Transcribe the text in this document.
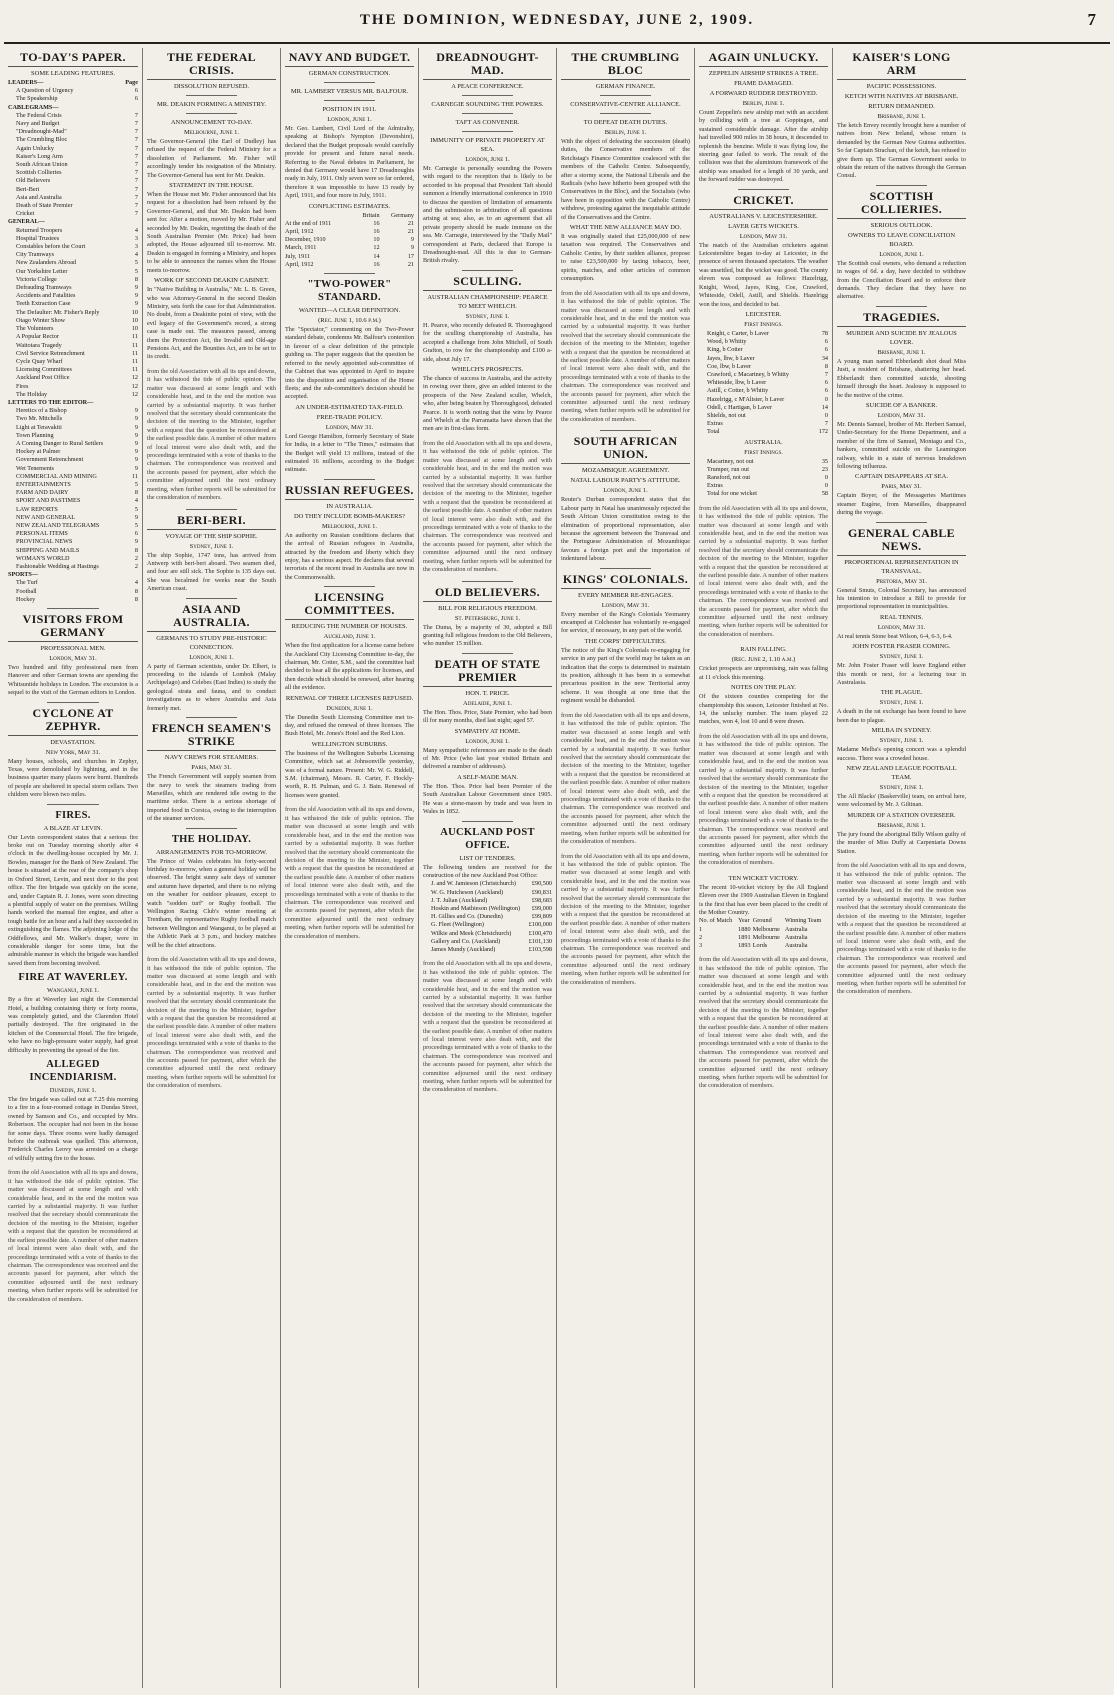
THE DOMINION, WEDNESDAY, JUNE 2, 1909.	7
TO-DAY'S PAPER.
SOME LEADING FEATURES.
LEADERS—	Page
A Question of Urgency	6
The Speakership	6
CABLEGRAMS—
The Federal Crisis	7
Navy and Budget	7
"Dreadnought-Mad"	7
The Crumbling Bloc	7
Again Unlucky	7
Kaiser's Long Arm	7
South African Union	7
Scottish Collieries	7
Old Believers	7
Beri-Beri	7
Asia and Australia	7
Death of State Premier	7
Cricket	7
GENERAL—
Returned Troopers	4
Hospital Trustees	3
Constables before the Court	3
City Tramways	4
New Zealanders Abroad	5
Our Yorkshire Letter	5
Victoria College	8
Defrauding Tramways	9
Accidents and Fatalities	9
Teeth Extraction Case	9
The Defaulter: Mr. Fisher's Reply	10
Otago Winter Show	10
The Volunteers	10
A Popular Rector	11
Waitotara Tragedy	11
Civil Service Retrenchment	11
Cycle Quay Wharf	11
Licensing Committees	11
Auckland Post Office	12
Fires	12
The Holiday	12
LETTERS TO THE EDITOR—
Heretics of a Bishop	9
Two Mr. Mitchells	9
Light at Teravakiti	9
Town Planning	9
A Coming Danger to Rural Settlers	9
Hockey at Palmer	9
Government Retrenchment	9
Wet Tenements	9
COMMERCIAL AND MINING	11
ENTERTAINMENTS	5
FARM AND DAIRY	8
SPORT AND PASTIMES	4
LAW REPORTS	5
NEW AND GENERAL	9
NEW ZEALAND TELEGRAMS	5
PERSONAL ITEMS	6
PROVINCIAL NEWS	9
SHIPPING AND MAILS	8
WOMAN'S WORLD	2
Fashionable Wedding at Hastings	2
SPORTS—
The Turf	4
Football	8
Hockey	8
VISITORS FROM GERMANY
PROFESSIONAL MEN.
London, May 31.

Two hundred and fifty professional men from Hanover and other German towns are spending the Whitsuntide holidays in London. The excursion is a sequel to the visit of the German editors to London.

CYCLONE AT ZEPHYR.
DEVASTATION.
New York, May 31.

Many houses, schools, and churches in Zephyr, Texas, were demolished by lightning, and in the business quarter many places were burnt. Hundreds of people are sheltered in special storm cellars. Two children were blown two miles.

FIRES.
A BLAZE AT LEVIN.

Our Levin correspondent states that a serious fire broke out on Tuesday morning shortly after 4 o'clock in the dwelling-house occupied by Mr. J. Bowles, manager for the Bank of New Zealand. The house is situated at the rear of the company's shop in Oxford Street, Levin, and next door to the post office. The fire brigade was quickly on the scene, and, under Captain R. J. Jones, were soon directing a plentiful supply of water on the premises. Willing hands worked the manual fire engine, and after a tough battle for an hour and a half they succeeded in extinguishing the flames. The adjoining lodge of the Oddfellows, and Mr. Walker's draper, were in considerable danger for some time, but the admirable manner in which the brigade was handled saved them from becoming involved.

FIRE AT WAVERLEY.
Wanganui, June 1.

By a fire at Waverley last night the Commercial Hotel, a building containing thirty or forty rooms, was completely gutted, and the Clarendon Hotel partially destroyed. The fire originated in the kitchen of the Commercial Hotel. The fire brigade, who have no high-pressure water supply, had great difficulty in preventing the spread of the fire.

ALLEGED INCENDIARISM.
Dunedin, June 1.

The fire brigade was called out at 7.25 this morning to a fire in a four-roomed cottage in Dundas Street, owned by Samson and Co., and occupied by Mrs. Robertson. The occupier had not been in the house for some days. Three rooms were badly damaged before the outbreak was quelled. This afternoon, Frederick Charles Leovy was arrested on a charge of wilfully setting fire to the house.

from the old Association with all its ups and downs, it has withstood the tide of public opinion. The matter was discussed at some length and with considerable heat, and in the end the motion was carried by a substantial majority. It was further resolved that the secretary should communicate the decision of the meeting to the Minister, together with a request that the question be reconsidered at the earliest possible date. A number of other matters of local interest were also dealt with, and the proceedings terminated with a vote of thanks to the chairman. The correspondence was received and the accounts passed for payment, after which the committee adjourned until the next ordinary meeting, when further reports will be submitted for the consideration of members.

THE FEDERAL CRISIS.
DISSOLUTION REFUSED.
MR. DEAKIN FORMING A MINISTRY.
ANNOUNCEMENT TO-DAY.
Melbourne, June 1.

The Governor-General (the Earl of Dudley) has refused the request of the Federal Ministry for a dissolution of Parliament. Mr. Fisher will accordingly tender his resignation of the Ministry. The Governor-General has sent for Mr. Deakin.

STATEMENT IN THE HOUSE.

When the House met Mr. Fisher announced that his request for a dissolution had been refused by the Governor-General, and that Mr. Deakin had been sent for. After a motion, moved by Mr. Fisher and seconded by Mr. Deakin, regretting the death of the South Australian Premier (Mr. Price) had been adopted, the House adjourned till to-morrow. Mr. Deakin is engaged in forming a Ministry, and hopes to be able to announce the names when the House meets to-morrow.

WORK OF SECOND DEAKIN CABINET.

In "Native Building in Australia," Mr. L. B. Green, who was Attorney-General in the second Deakin Ministry, sets forth the case for that Administration. No doubt, from a Deakinite point of view, with the evil legacy of the Government's record, a strong case is made out. The measures passed, among them the Protection Act, the Invalid and Old-age Pensions Act, and the Bounties Act, are to be set to its credit.

from the old Association with all its ups and downs, it has withstood the tide of public opinion. The matter was discussed at some length and with considerable heat, and in the end the motion was carried by a substantial majority. It was further resolved that the secretary should communicate the decision of the meeting to the Minister, together with a request that the question be reconsidered at the earliest possible date. A number of other matters of local interest were also dealt with, and the proceedings terminated with a vote of thanks to the chairman. The correspondence was received and the accounts passed for payment, after which the committee adjourned until the next ordinary meeting, when further reports will be submitted for the consideration of members.

BERI-BERI.
VOYAGE OF THE SHIP SOPHIE.
Sydney, June 1.

The ship Sophie, 1747 tons, has arrived from Antwerp with beri-beri aboard. Two seamen died, and four are still sick. The Sophie is 135 days out. She was becalmed for weeks near the South American coast.

ASIA AND AUSTRALIA.
GERMANS TO STUDY PRE-HISTORIC CONNECTION.
London, June 1.

A party of German scientists, under Dr. Elbert, is proceeding to the islands of Lombok (Malay Archipelago) and Celebes (East Indies) to study the geological strata and fauna, and to conduct investigations as to where Australia and Asia formerly met.

FRENCH SEAMEN'S STRIKE
NAVY CREWS FOR STEAMERS.
Paris, May 31.

The French Government will supply seamen from the navy to work the steamers trading from Marseilles, which are rendered idle owing to the maritime strike. There is a serious shortage of imported food in Corsica, owing to the interruption of the steamer services.

THE HOLIDAY.
ARRANGEMENTS FOR TO-MORROW.

The Prince of Wales celebrates his forty-second birthday to-morrow, when a general holiday will be observed. The bright sunny safe days of summer and autumn have departed, and there is no relying on the weather for outdoor pleasure, except to watch "sodden turf" or Rugby football. The Wellington Racing Club's winter meeting at Trentham, the representative Rugby football match between Wellington and Wanganui, to be played at the Athletic Park at 3 p.m., and hockey matches will be the chief attractions.

from the old Association with all its ups and downs, it has withstood the tide of public opinion. The matter was discussed at some length and with considerable heat, and in the end the motion was carried by a substantial majority. It was further resolved that the secretary should communicate the decision of the meeting to the Minister, together with a request that the question be reconsidered at the earliest possible date. A number of other matters of local interest were also dealt with, and the proceedings terminated with a vote of thanks to the chairman. The correspondence was received and the accounts passed for payment, after which the committee adjourned until the next ordinary meeting, when further reports will be submitted for the consideration of members.

NAVY AND BUDGET.
GERMAN CONSTRUCTION.
MR. LAMBERT VERSUS MR. BALFOUR.
POSITION IN 1911.
London, June 1.

Mr. Geo. Lambert, Civil Lord of the Admiralty, speaking at Bishop's Nympton (Devonshire), declared that the Budget proposals would carefully provide for present and future naval needs. Referring to the Naval debates in Parliament, he denied that Germany would have 17 Dreadnoughts ready in July, 1911. Only seven were so far ordered, therefore it was impossible to have 13 ready by April, 1911, and four more in July, 1911.

CONFLICTING ESTIMATES.
	Britain	Germany
At the end of 1911	16	21
April, 1912	16	21
December, 1910	10	9
March, 1911	12	9
July, 1911	14	17
April, 1912	16	21
"TWO-POWER" STANDARD.
WANTED—A CLEAR DEFINITION.
(Rec. June 1, 10.6 p.m.)

The "Spectator," commenting on the Two-Power standard debate, condemns Mr. Balfour's contention in favour of a clear definition of the principle guiding us. The paper suggests that the question be referred to the newly appointed sub-committee of the Cabinet that was appointed in April to inquire into the disposition and organisation of the Home fleets; and the sub-committee's decision should be accepted.

AN UNDER-ESTIMATED TAX-FIELD.
FREE-TRADE POLICY.
London, May 31.

Lord George Hamilton, formerly Secretary of State for India, in a letter to "The Times," estimates that the Budget will yield 13 millions, instead of the estimated 16 millions, according to the Budget estimate.

RUSSIAN REFUGEES.
IN AUSTRALIA.
DO THEY INCLUDE BOMB-MAKERS?
Melbourne, June 1.

An authority on Russian conditions declares that the arrival of Russian refugees in Australia, attracted by the freedom and liberty which they enjoy, has a serious aspect. He declares that several terrorists of the recent tread in Australia are now in the Commonwealth.

LICENSING COMMITTEES.
REDUCING THE NUMBER OF HOUSES.
Auckland, June 1.

When the first application for a license came before the Auckland City Licensing Committee to-day, the chairman, Mr. Cotter, S.M., said the committee had decided to hear all the applications for licenses, and then decide which should be renewed, after hearing all the evidence.

RENEWAL OF THREE LICENSES REFUSED.
Dunedin, June 1.

The Dunedin South Licensing Committee met to-day, and refused the renewal of three licenses. The Bush Hotel, Mr. Jones's Hotel and the Red Lion.

WELLINGTON SUBURBS.

The business of the Wellington Suburbs Licensing Committee, which sat at Johnsonville yesterday, was of a formal nature. Present: Mr. W. G. Riddell, S.M. (chairman), Messrs. R. Carter, F. Hockly-worth, R. H. Pulman, and G. J. Bain. Renewal of licenses were granted.

from the old Association with all its ups and downs, it has withstood the tide of public opinion. The matter was discussed at some length and with considerable heat, and in the end the motion was carried by a substantial majority. It was further resolved that the secretary should communicate the decision of the meeting to the Minister, together with a request that the question be reconsidered at the earliest possible date. A number of other matters of local interest were also dealt with, and the proceedings terminated with a vote of thanks to the chairman. The correspondence was received and the accounts passed for payment, after which the committee adjourned until the next ordinary meeting, when further reports will be submitted for the consideration of members.

DREADNOUGHT-MAD.
A PEACE CONFERENCE.
CARNEGIE SOUNDING THE POWERS.
TAFT AS CONVENER.
IMMUNITY OF PRIVATE PROPERTY AT SEA.
London, June 1.

Mr. Carnegie is personally sounding the Powers with regard to the reception that is likely to be accorded to his proposal that President Taft should summon a friendly international conference in 1910 to discuss the question of limitation of armaments and the submission to arbitration of all questions arising at sea; also, as to an agreement that all private property should be made immune on the sea. Mr. Carnegie, interviewed by the "Daily Mail" correspondent at Paris, declared that Europe is Dreadnought-mad. All this is due to German-British rivalry.

SCULLING.
AUSTRALIAN CHAMPIONSHIP: PEARCE TO MEET WHELCH.
Sydney, June 1.

H. Pearce, who recently defeated R. Thoroughgood for the sculling championship of Australia, has accepted a challenge from John Mitchell, of South Grafton, to row for the championship and £100 a-side, about July 17.

WHELCH'S PROSPECTS.

The chance of success in Australia, and the activity in rowing over there, give an added interest to the prospects of the New Zealand sculler, Whelch, who, after being beaten by Thoroughgood, defeated Pearce. It is worth noting that the wins by Pearce and Whelch at the Parramatta have shown that the men are in first-class form.

from the old Association with all its ups and downs, it has withstood the tide of public opinion. The matter was discussed at some length and with considerable heat, and in the end the motion was carried by a substantial majority. It was further resolved that the secretary should communicate the decision of the meeting to the Minister, together with a request that the question be reconsidered at the earliest possible date. A number of other matters of local interest were also dealt with, and the proceedings terminated with a vote of thanks to the chairman. The correspondence was received and the accounts passed for payment, after which the committee adjourned until the next ordinary meeting, when further reports will be submitted for the consideration of members.

OLD BELIEVERS.
BILL FOR RELIGIOUS FREEDOM.
St. Petersburg, June 1.

The Duma, by a majority of 30, adopted a Bill granting full religious freedom to the Old Believers, who number 15 million.

DEATH OF STATE PREMIER
HON. T. PRICE.
Adelaide, June 1.

The Hon. Thos. Price, State Premier, who had been ill for many months, died last night; aged 57.

SYMPATHY AT HOME.
London, June 1.

Many sympathetic references are made to the death of Mr. Price (who last year visited Britain and delivered a number of addresses).

A SELF-MADE MAN.

The Hon. Thos. Price had been Premier of the South Australian Labour Government since 1905. He was a stone-mason by trade and was born in Wales in 1852.

AUCKLAND POST OFFICE.
LIST OF TENDERS.

The following tenders are received for the construction of the new Auckland Post Office:

J. and W. Jamieson (Christchurch)	£90,500
W. G. Hutcheson (Auckland)	£90,831
J. T. Julian (Auckland)	£98,683
Hoskin and Mathieson (Wellington) £99,000
H. Gillies and Co. (Dunedin)	£99,809
G. Fleet (Wellington)	£100,000
Wilkie and Meek (Christchurch)	£100,470
Gallery and Co. (Auckland)	£101,130
James Mundy (Auckland)	£103,598

from the old Association with all its ups and downs, it has withstood the tide of public opinion. The matter was discussed at some length and with considerable heat, and in the end the motion was carried by a substantial majority. It was further resolved that the secretary should communicate the decision of the meeting to the Minister, together with a request that the question be reconsidered at the earliest possible date. A number of other matters of local interest were also dealt with, and the proceedings terminated with a vote of thanks to the chairman. The correspondence was received and the accounts passed for payment, after which the committee adjourned until the next ordinary meeting, when further reports will be submitted for the consideration of members.

THE CRUMBLING BLOC
GERMAN FINANCE.
CONSERVATIVE-CENTRE ALLIANCE.
TO DEFEAT DEATH DUTIES.
Berlin, June 1.

With the object of defeating the succession (death) duties, the Conservative members of the Reichstag's Finance Committee coalesced with the members of the Catholic Centre. Subsequently, after a stormy scene, the National Liberals and the Radicals (who have hitherto been grouped with the Conservatives in the Bloc), and the Socialists (who have been in opposition with the Catholic Centre) withdrew, protesting against the inequitable attitude of the Conservatives and the Centre.

WHAT THE NEW ALLIANCE MAY DO.

It was originally stated that £25,000,000 of new taxation was required. The Conservatives and Catholic Centre, by their sudden alliance, propose to raise £23,500,000 by taxing tobacco, beer, spirits, matches, and other articles of common consumption.

from the old Association with all its ups and downs, it has withstood the tide of public opinion. The matter was discussed at some length and with considerable heat, and in the end the motion was carried by a substantial majority. It was further resolved that the secretary should communicate the decision of the meeting to the Minister, together with a request that the question be reconsidered at the earliest possible date. A number of other matters of local interest were also dealt with, and the proceedings terminated with a vote of thanks to the chairman. The correspondence was received and the accounts passed for payment, after which the committee adjourned until the next ordinary meeting, when further reports will be submitted for the consideration of members.

SOUTH AFRICAN UNION.
MOZAMBIQUE AGREEMENT.
NATAL LABOUR PARTY'S ATTITUDE.
London, June 1.

Reuter's Durban correspondent states that the Labour party in Natal has unanimously rejected the South African Union constitution owing to the elimination of proportional representation, also because the agreement between the Transvaal and the Portuguese Administration of Mozambique favours a foreign port and the importation of indentured labour.

KINGS' COLONIALS.
EVERY MEMBER RE-ENGAGES.
London, May 31.

Every member of the King's Colonials Yeomanry encamped at Colchester has voluntarily re-engaged for service, if necessary, in any part of the world.

THE CORPS' DIFFICULTIES.

The notice of the King's Colonials re-engaging for service in any part of the world may be taken as an indication that the corps is determined to maintain its position, although it has been in a somewhat precarious position in the new Territorial army scheme. It was thought at one time that the regiment would be disbanded.

from the old Association with all its ups and downs, it has withstood the tide of public opinion. The matter was discussed at some length and with considerable heat, and in the end the motion was carried by a substantial majority. It was further resolved that the secretary should communicate the decision of the meeting to the Minister, together with a request that the question be reconsidered at the earliest possible date. A number of other matters of local interest were also dealt with, and the proceedings terminated with a vote of thanks to the chairman. The correspondence was received and the accounts passed for payment, after which the committee adjourned until the next ordinary meeting, when further reports will be submitted for the consideration of members.

from the old Association with all its ups and downs, it has withstood the tide of public opinion. The matter was discussed at some length and with considerable heat, and in the end the motion was carried by a substantial majority. It was further resolved that the secretary should communicate the decision of the meeting to the Minister, together with a request that the question be reconsidered at the earliest possible date. A number of other matters of local interest were also dealt with, and the proceedings terminated with a vote of thanks to the chairman. The correspondence was received and the accounts passed for payment, after which the committee adjourned until the next ordinary meeting, when further reports will be submitted for the consideration of members.

AGAIN UNLUCKY.
ZEPPELIN AIRSHIP STRIKES A TREE.
FRAME DAMAGED.
A FORWARD RUDDER DESTROYED.
Berlin, June 1.

Count Zeppelin's new airship met with an accident by colliding with a tree at Goppingen, and sustained considerable damage. After the airship had travelled 900 miles in 38 hours, it descended to replenish the benzine. While it was flying low, the steering gear failed to work. The result of the collision was that the aluminium framework of the airship was smashed for a length of 30 yards, and the forward rudder was destroyed.

CRICKET.
AUSTRALIANS V. LEICESTERSHIRE.
LAVER GETS WICKETS.
London, May 31.

The match of the Australian cricketers against Leicestershire began to-day at Leicester, in the presence of seven thousand spectators. The weather was unsettled, but the wicket was good. The county eleven was composed as follows: Hazelrigg, Knight, Wood, Jayes, King, Coe, Crawford, Whiteside, Odell, Astill, and Shields. Hazelrigg won the toss, and decided to bat.

LEICESTER.
First Innings.
Knight, c Carter, b Laver	78
Wood, b Whitty	6
King, b Cotter	6
Jayes, lbw, b Laver	34
Coe, lbw, b Laver	8
Crawford, c Macartney, b Whitty	7
Whiteside, lbw, b Laver	6
Astill, c Cotter, b Whitty	6
Hazelrigg, c M'Alister, b Laver	0
Odell, c Hartigan, b Laver	14
Shields, not out	0
Extras	7
Total	172
AUSTRALIA.
First Innings.
Macartney, not out	35
Trumper, run out	23
Ransford, not out	0
Extras	0
Total for one wicket	58

from the old Association with all its ups and downs, it has withstood the tide of public opinion. The matter was discussed at some length and with considerable heat, and in the end the motion was carried by a substantial majority. It was further resolved that the secretary should communicate the decision of the meeting to the Minister, together with a request that the question be reconsidered at the earliest possible date. A number of other matters of local interest were also dealt with, and the proceedings terminated with a vote of thanks to the chairman. The correspondence was received and the accounts passed for payment, after which the committee adjourned until the next ordinary meeting, when further reports will be submitted for the consideration of members.

RAIN FALLING.
(Rec. June 2, 1.10 a.m.)

Cricket prospects are unpromising, rain was falling at 11 o'clock this morning.

NOTES ON THE PLAY.

Of the sixteen counties competing for the championship this season, Leicester finished at No. 14, the unlucky number. The team played 22 matches, won 4, lost 10 and 8 were drawn.

from the old Association with all its ups and downs, it has withstood the tide of public opinion. The matter was discussed at some length and with considerable heat, and in the end the motion was carried by a substantial majority. It was further resolved that the secretary should communicate the decision of the meeting to the Minister, together with a request that the question be reconsidered at the earliest possible date. A number of other matters of local interest were also dealt with, and the proceedings terminated with a vote of thanks to the chairman. The correspondence was received and the accounts passed for payment, after which the committee adjourned until the next ordinary meeting, when further reports will be submitted for the consideration of members.

TEN WICKET VICTORY.

The recent 10-wicket victory by the All England Eleven over the 1909 Australian Eleven in England is the first that has ever been placed to the credit of the Mother Country.

No. of Match	Year	Ground	Winning Team
1	1880	Melbourne	Australia
2	1891	Melbourne	Australia
3	1893	Lords	Australia

from the old Association with all its ups and downs, it has withstood the tide of public opinion. The matter was discussed at some length and with considerable heat, and in the end the motion was carried by a substantial majority. It was further resolved that the secretary should communicate the decision of the meeting to the Minister, together with a request that the question be reconsidered at the earliest possible date. A number of other matters of local interest were also dealt with, and the proceedings terminated with a vote of thanks to the chairman. The correspondence was received and the accounts passed for payment, after which the committee adjourned until the next ordinary meeting, when further reports will be submitted for the consideration of members.

KAISER'S LONG ARM
PACIFIC POSSESSIONS.
KETCH WITH NATIVES AT BRISBANE.
RETURN DEMANDED.
Brisbane, June 1.

The ketch Envey recently brought here a number of natives from New Ireland, whose return is demanded by the German New Guinea authorities. So far Captain Strachan, of the ketch, has refused to give them up. The German Government seeks to obtain the return of the natives through the German Consul.

SCOTTISH COLLIERIES.
SERIOUS OUTLOOK.
OWNERS TO LEAVE CONCILIATION BOARD.
London, June 1.

The Scottish coal owners, who demand a reduction in wages of 6d. a day, have decided to withdraw from the Conciliation Board and to enforce their demands. They declare that they have no alternative.

TRAGEDIES.
MURDER AND SUICIDE BY JEALOUS LOVER.
Brisbane, June 1.

A young man named Ebberlandt shot dead Miss Justt, a resident of Brisbane, shattering her head. Ebberlandt then committed suicide, shooting himself through the heart. Jealousy is supposed to be the motive of the crime.

SUICIDE OF A BANKER.
London, May 31.

Mr. Dennis Samuel, brother of Mr. Herbert Samuel, Under-Secretary for the Home Department, and a member of the firm of Samuel, Montagu and Co., bankers, committed suicide on the Leamington railway, while in a state of nervous breakdown following influenza.

CAPTAIN DISAPPEARS AT SEA.
Paris, May 31.

Captain Boyer, of the Messageries Maritimes steamer Eugène, from Marseilles, disappeared during the voyage.

GENERAL CABLE NEWS.
PROPORTIONAL REPRESENTATION IN TRANSVAAL.
Pretoria, May 31.

General Smuts, Colonial Secretary, has announced his intention to introduce a Bill to provide for proportional representation in municipalities.

REAL TENNIS.
London, May 31.

At real tennis Stone beat Wilson, 6-4, 6-3, 6-4.

JOHN FOSTER FRASER COMING.
Sydney, June 1.

Mr. John Foster Fraser will leave England either this month or next, for a lecturing tour in Australasia.

THE PLAGUE.
Sydney, June 1.

A death in the rat exchange has been found to have been due to plague.

MELBA IN SYDNEY.
Sydney, June 1.

Madame Melba's opening concert was a splendid success. There was a crowded house.

NEW ZEALAND LEAGUE FOOTBALL TEAM.
Sydney, June 1.

The All Blacks' (Baskerville) team, on arrival here, were welcomed by Mr. J. Giltinan.

MURDER OF A STATION OVERSEER.
Brisbane, June 1.

The jury found the aboriginal Billy Wilson guilty of the murder of Miss Duffy at Carpentaria Downs Station.

from the old Association with all its ups and downs, it has withstood the tide of public opinion. The matter was discussed at some length and with considerable heat, and in the end the motion was carried by a substantial majority. It was further resolved that the secretary should communicate the decision of the meeting to the Minister, together with a request that the question be reconsidered at the earliest possible date. A number of other matters of local interest were also dealt with, and the proceedings terminated with a vote of thanks to the chairman. The correspondence was received and the accounts passed for payment, after which the committee adjourned until the next ordinary meeting, when further reports will be submitted for the consideration of members.
